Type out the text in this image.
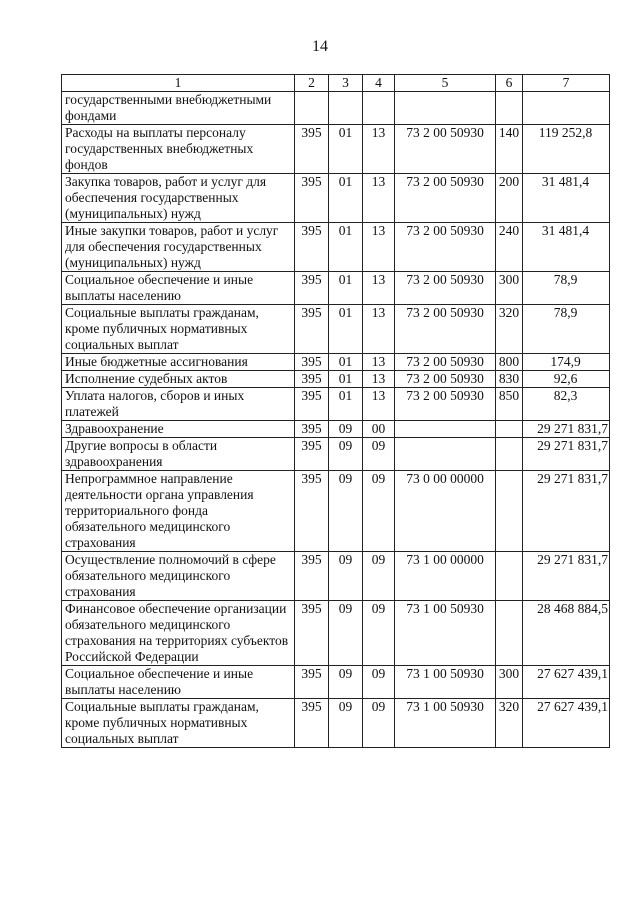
14
1	2	3	4	5	6	7
государственными внебюджетными фондами						
Расходы на выплаты персоналу государственных внебюджетных фондов	395	01	13	73 2 00 50930	140	119 252,8
Закупка товаров, работ и услуг для обеспечения государственных (муниципальных) нужд	395	01	13	73 2 00 50930	200	31 481,4
Иные закупки товаров, работ и услуг для обеспечения государственных (муниципальных) нужд	395	01	13	73 2 00 50930	240	31 481,4
Социальное обеспечение и иные выплаты населению	395	01	13	73 2 00 50930	300	78,9
Социальные выплаты гражданам, кроме публичных нормативных социальных выплат	395	01	13	73 2 00 50930	320	78,9
Иные бюджетные ассигнования	395	01	13	73 2 00 50930	800	174,9
Исполнение судебных актов	395	01	13	73 2 00 50930	830	92,6
Уплата налогов, сборов и иных платежей	395	01	13	73 2 00 50930	850	82,3
Здравоохранение	395	09	00			29 271 831,7
Другие вопросы в области здравоохранения	395	09	09			29 271 831,7
Непрограммное направление деятельности органа управления территориального фонда обязательного медицинского страхования	395	09	09	73 0 00 00000		29 271 831,7
Осуществление полномочий в сфере обязательного медицинского страхования	395	09	09	73 1 00 00000		29 271 831,7
Финансовое обеспечение организации обязательного медицинского страхования на территориях субъектов Российской Федерации	395	09	09	73 1 00 50930		28 468 884,5
Социальное обеспечение и иные выплаты населению	395	09	09	73 1 00 50930	300	27 627 439,1
Социальные выплаты гражданам, кроме публичных нормативных социальных выплат	395	09	09	73 1 00 50930	320	27 627 439,1
